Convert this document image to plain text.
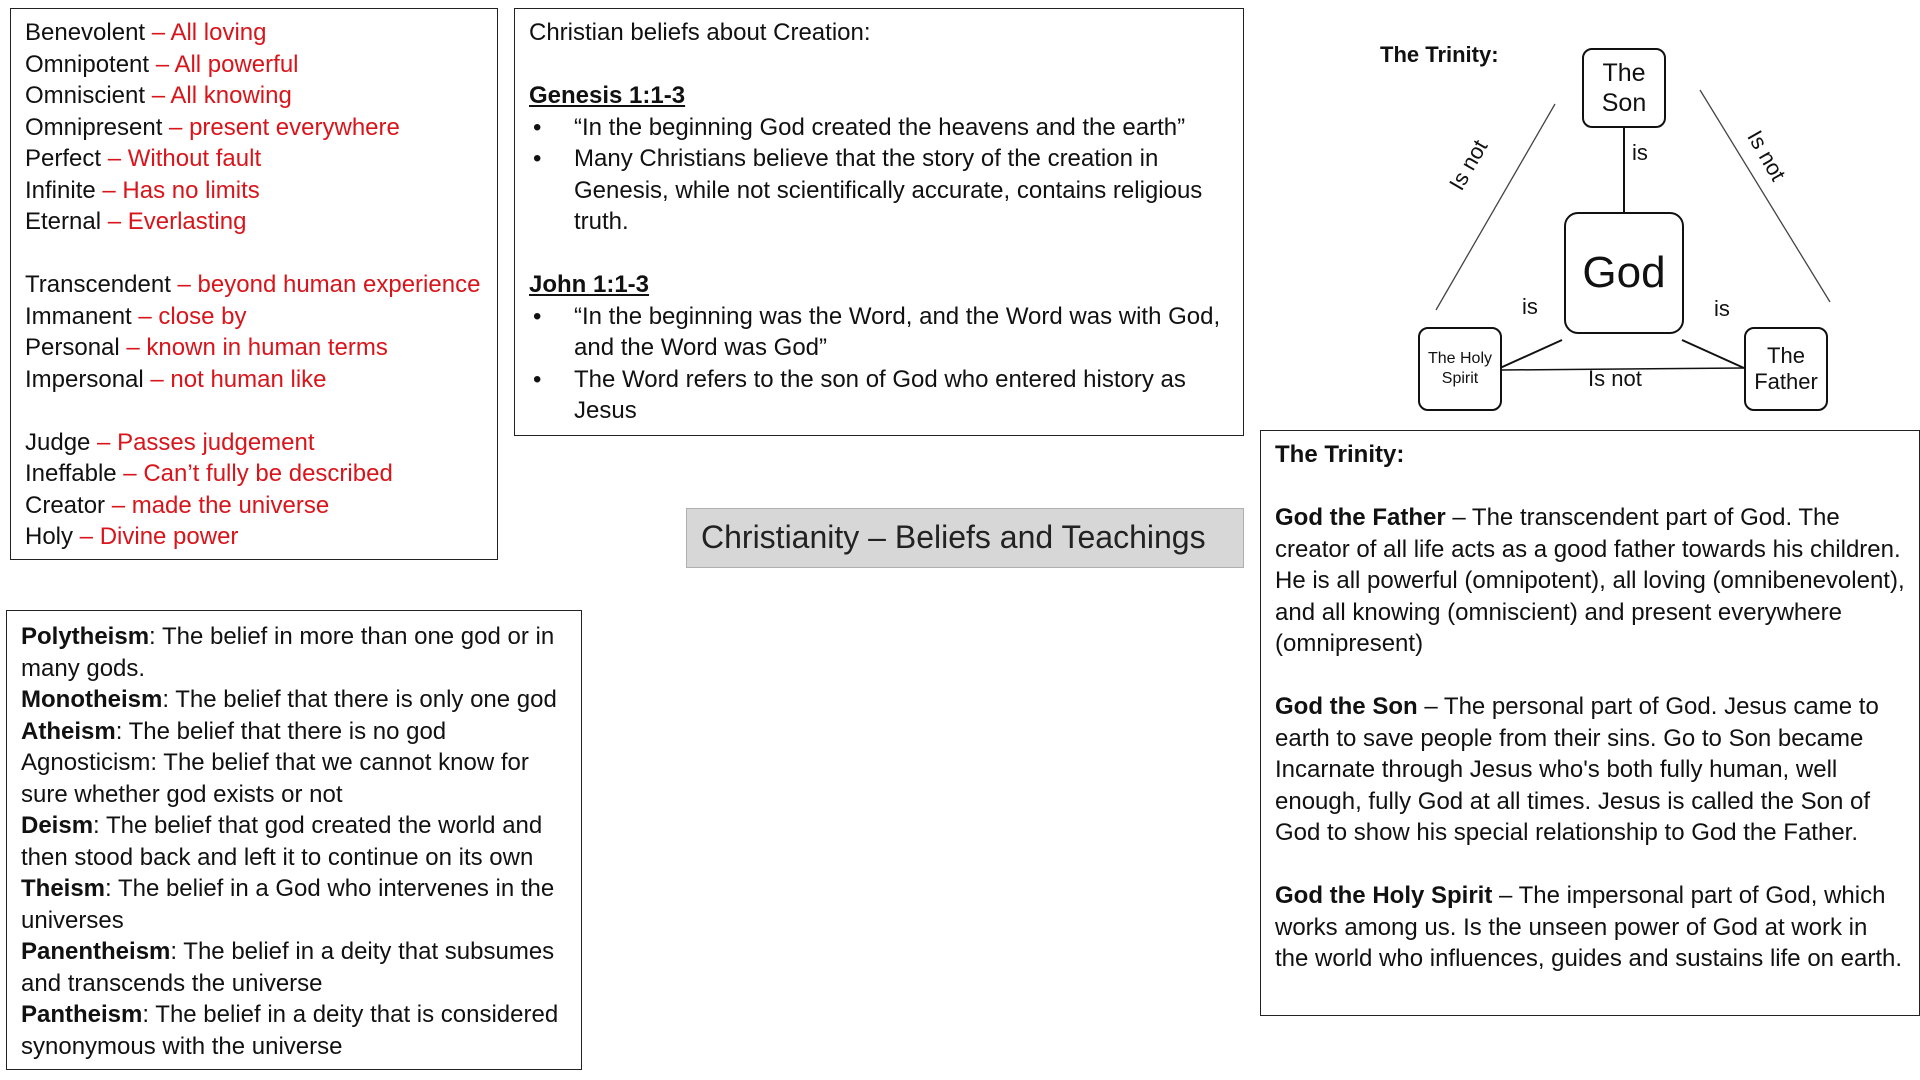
Benevolent – All loving
Omnipotent – All powerful
Omniscient – All knowing
Omnipresent – present everywhere
Perfect – Without fault
Infinite – Has no limits
Eternal – Everlasting
Transcendent – beyond human experience
Immanent – close by
Personal – known in human terms
Impersonal – not human like
Judge – Passes judgement
Ineffable – Can’t fully be described
Creator – made the universe
Holy – Divine power
Christian beliefs about Creation:
Genesis 1:1-3
• “In the beginning God created the heavens and the earth”
• Many Christians believe that the story of the creation in Genesis, while not scientifically accurate, contains religious truth.
John 1:1-3
• “In the beginning was the Word, and the Word was with God, and the Word was God”
• The Word refers to the son of God who entered history as Jesus
Christianity – Beliefs and Teachings
Polytheism: The belief in more than one god or in many gods.
Monotheism: The belief that there is only one god
Atheism: The belief that there is no god
Agnosticism: The belief that we cannot know for sure whether god exists or not
Deism: The belief that god created the world and then stood back and left it to continue on its own
Theism: The belief in a God who intervenes in the universes
Panentheism: The belief in a deity that subsumes and transcends the universe
Pantheism: The belief in a deity that is considered synonymous with the universe
The Trinity:
The
Son
God
The Holy
Spirit
The
Father
is
is	is
Is not
Is not	Is not
The Trinity:
God the Father – The transcendent part of God. The creator of all life acts as a good father towards his children. He is all powerful (omnipotent), all loving (omnibenevolent), and all knowing (omniscient) and present everywhere (omnipresent)
God the Son – The personal part of God. Jesus came to earth to save people from their sins. Go to Son became Incarnate through Jesus who's both fully human, well enough, fully God at all times. Jesus is called the Son of God to show his special relationship to God the Father.
God the Holy Spirit – The impersonal part of God, which works among us. Is the unseen power of God at work in the world who influences, guides and sustains life on earth.
